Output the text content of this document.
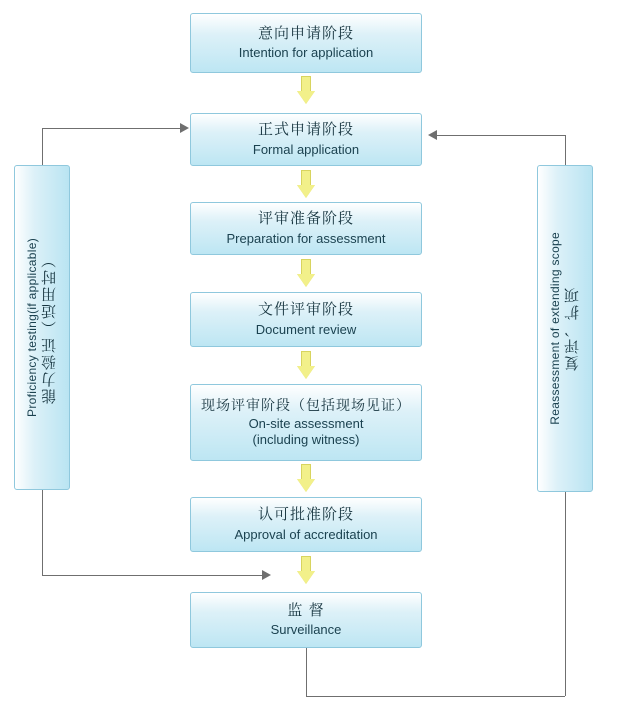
意向申请阶段
Intention for application
正式申请阶段
Formal application
评审准备阶段
Preparation for assessment
文件评审阶段
Document review
现场评审阶段（包括现场见证）
On-site assessment
(including witness)
认可批准阶段
Approval of accreditation
监 督
Surveillance
Proficiency testing(if applicable) 能力验证（适用时）	Reassessment of extending scope 复评、扩项
